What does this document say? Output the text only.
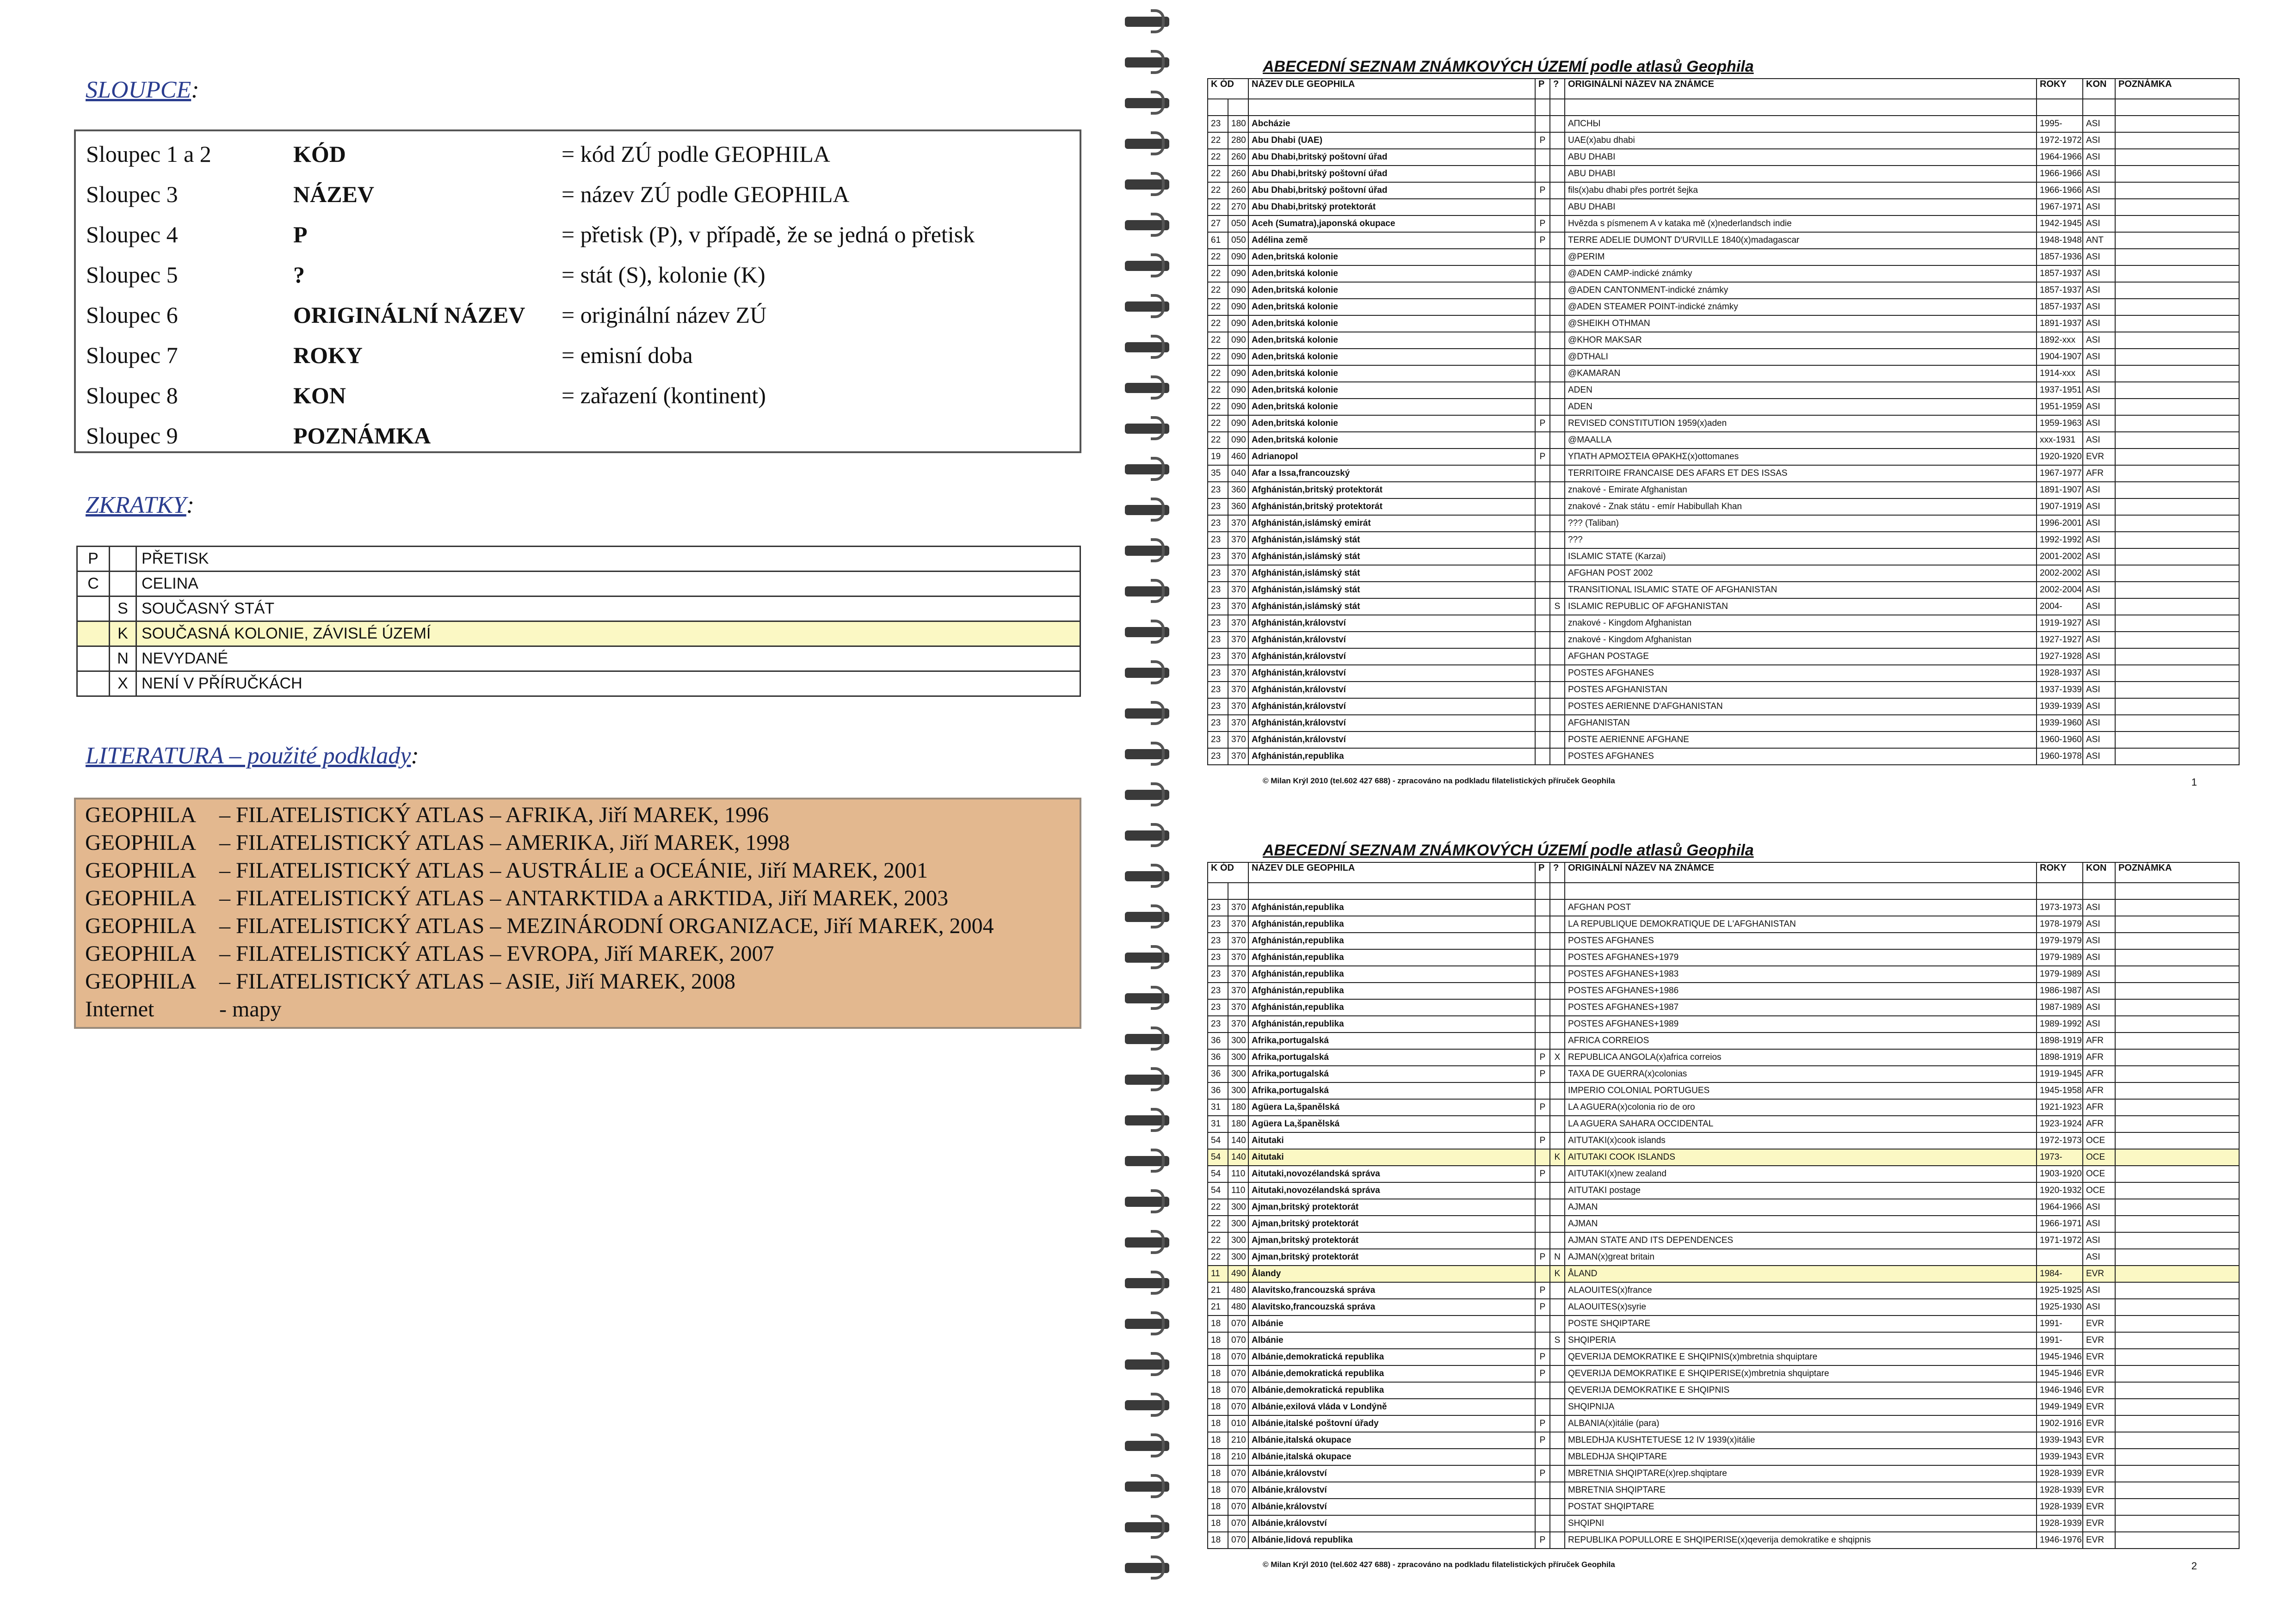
SLOUPCE:
Sloupec 1 a 2	KÓD	= kód ZÚ podle GEOPHILA
Sloupec 3	NÁZEV	= název ZÚ podle GEOPHILA
Sloupec 4	P	= přetisk (P), v případě, že se jedná o přetisk
Sloupec 5	?	= stát (S), kolonie (K)
Sloupec 6	ORIGINÁLNÍ NÁZEV = originální název ZÚ
Sloupec 7	ROKY	= emisní doba
Sloupec 8	KON	= zařazení (kontinent)
Sloupec 9	POZNÁMKA
ZKRATKY:
P		PŘETISK
C		CELINA
	S	SOUČASNÝ STÁT
	K	SOUČASNÁ KOLONIE, ZÁVISLÉ ÚZEMÍ
	N	NEVYDANÉ
	X	NENÍ V PŘÍRUČKÁCH
LITERATURA – použité podklady:
GEOPHILA – FILATELISTICKÝ ATLAS – AFRIKA, Jiří MAREK, 1996
GEOPHILA – FILATELISTICKÝ ATLAS – AMERIKA, Jiří MAREK, 1998
GEOPHILA – FILATELISTICKÝ ATLAS – AUSTRÁLIE a OCEÁNIE, Jiří MAREK, 2001
GEOPHILA – FILATELISTICKÝ ATLAS – ANTARKTIDA a ARKTIDA, Jiří MAREK, 2003
GEOPHILA – FILATELISTICKÝ ATLAS – MEZINÁRODNÍ ORGANIZACE, Jiří MAREK, 2004
GEOPHILA – FILATELISTICKÝ ATLAS – EVROPA, Jiří MAREK, 2007
GEOPHILA – FILATELISTICKÝ ATLAS – ASIE, Jiří MAREK, 2008
Internet	- mapy
ABECEDNÍ SEZNAM ZNÁMKOVÝCH ÚZEMÍ podle atlasů Geophila
K ÓD		NÁZEV DLE GEOPHILA	P	?	ORIGINÁLNÍ NÁZEV NA ZNÁMCE	ROKY	KON	POZNÁMKA

23	180	Abcházie			АПСНЫ	1995-	ASI	
22	280	Abu Dhabi (UAE)	P		UAE(x)abu dhabi	1972-1972	ASI	
22	260	Abu Dhabi,britský poštovní úřad			ABU DHABI	1964-1966	ASI	
22	260	Abu Dhabi,britský poštovní úřad			ABU DHABI	1966-1966	ASI	
22	260	Abu Dhabi,britský poštovní úřad	P		fils(x)abu dhabi přes portrét šejka	1966-1966	ASI	
22	270	Abu Dhabi,britský protektorát			ABU DHABI	1967-1971	ASI	
27	050	Aceh (Sumatra),japonská okupace	P		Hvězda s písmenem A v kataka mě (x)nederlandsch indie	1942-1945	ASI	
61	050	Adélina země	P		TERRE ADELIE DUMONT D'URVILLE 1840(x)madagascar	1948-1948	ANT	
22	090	Aden,britská kolonie			@PERIM	1857-1936	ASI	
22	090	Aden,britská kolonie			@ADEN CAMP-indické známky	1857-1937	ASI	
22	090	Aden,britská kolonie			@ADEN CANTONMENT-indické známky	1857-1937	ASI	
22	090	Aden,britská kolonie			@ADEN STEAMER POINT-indické známky	1857-1937	ASI	
22	090	Aden,britská kolonie			@SHEIKH OTHMAN	1891-1937	ASI	
22	090	Aden,britská kolonie			@KHOR MAKSAR	1892-xxx	ASI	
22	090	Aden,britská kolonie			@DTHALI	1904-1907	ASI	
22	090	Aden,britská kolonie			@KAMARAN	1914-xxx	ASI	
22	090	Aden,britská kolonie			ADEN	1937-1951	ASI	
22	090	Aden,britská kolonie			ADEN	1951-1959	ASI	
22	090	Aden,britská kolonie	P		REVISED CONSTITUTION 1959(x)aden	1959-1963	ASI	
22	090	Aden,britská kolonie			@MAALLA	xxx-1931	ASI	
19	460	Adrianopol	P		ΥΠΑΤΗ ΑΡΜΟΣΤΕΙΑ ΘΡΑΚΗΣ(x)ottomanes	1920-1920	EVR	
35	040	Afar a Issa,francouzský			TERRITOIRE FRANCAISE DES AFARS ET DES ISSAS	1967-1977	AFR	
23	360	Afghánistán,britský protektorát			znakové - Emirate Afghanistan	1891-1907	ASI	
23	360	Afghánistán,britský protektorát			znakové - Znak státu - emír Habibullah Khan	1907-1919	ASI	
23	370	Afghánistán,islámský emirát			??? (Taliban)	1996-2001	ASI	
23	370	Afghánistán,islámský stát			???	1992-1992	ASI	
23	370	Afghánistán,islámský stát			ISLAMIC STATE (Karzai)	2001-2002	ASI	
23	370	Afghánistán,islámský stát			AFGHAN POST 2002	2002-2002	ASI	
23	370	Afghánistán,islámský stát			TRANSITIONAL ISLAMIC STATE OF AFGHANISTAN	2002-2004	ASI	
23	370	Afghánistán,islámský stát		S	ISLAMIC REPUBLIC OF AFGHANISTAN	2004-	ASI	
23	370	Afghánistán,království			znakové - Kingdom Afghanistan	1919-1927	ASI	
23	370	Afghánistán,království			znakové - Kingdom Afghanistan	1927-1927	ASI	
23	370	Afghánistán,království			AFGHAN POSTAGE	1927-1928	ASI	
23	370	Afghánistán,království			POSTES AFGHANES	1928-1937	ASI	
23	370	Afghánistán,království			POSTES AFGHANISTAN	1937-1939	ASI	
23	370	Afghánistán,království			POSTES AERIENNE D'AFGHANISTAN	1939-1939	ASI	
23	370	Afghánistán,království			AFGHANISTAN	1939-1960	ASI	
23	370	Afghánistán,království			POSTE AERIENNE AFGHANE	1960-1960	ASI	
23	370	Afghánistán,republika			POSTES AFGHANES	1960-1978	ASI	
© Milan Krýl 2010 (tel.602 427 688) - zpracováno na podkladu filatelistických příruček Geophila	1
ABECEDNÍ SEZNAM ZNÁMKOVÝCH ÚZEMÍ podle atlasů Geophila
K ÓD		NÁZEV DLE GEOPHILA	P	?	ORIGINÁLNÍ NÁZEV NA ZNÁMCE	ROKY	KON	POZNÁMKA

23	370	Afghánistán,republika			AFGHAN POST	1973-1973	ASI	
23	370	Afghánistán,republika			LA REPUBLIQUE DEMOKRATIQUE DE L'AFGHANISTAN	1978-1979	ASI	
23	370	Afghánistán,republika			POSTES AFGHANES	1979-1979	ASI	
23	370	Afghánistán,republika			POSTES AFGHANES+1979	1979-1989	ASI	
23	370	Afghánistán,republika			POSTES AFGHANES+1983	1979-1989	ASI	
23	370	Afghánistán,republika			POSTES AFGHANES+1986	1986-1987	ASI	
23	370	Afghánistán,republika			POSTES AFGHANES+1987	1987-1989	ASI	
23	370	Afghánistán,republika			POSTES AFGHANES+1989	1989-1992	ASI	
36	300	Afrika,portugalská			AFRICA CORREIOS	1898-1919	AFR	
36	300	Afrika,portugalská	P	X	REPUBLICA ANGOLA(x)africa correios	1898-1919	AFR	
36	300	Afrika,portugalská	P		TAXA DE GUERRA(x)colonias	1919-1945	AFR	
36	300	Afrika,portugalská			IMPERIO COLONIAL PORTUGUES	1945-1958	AFR	
31	180	Agüera La,španělská	P		LA AGUERA(x)colonia rio de oro	1921-1923	AFR	
31	180	Agüera La,španělská			LA AGUERA SAHARA OCCIDENTAL	1923-1924	AFR	
54	140	Aitutaki	P		AITUTAKI(x)cook islands	1972-1973	OCE	
54	140	Aitutaki		K	AITUTAKI COOK ISLANDS	1973-	OCE	
54	110	Aitutaki,novozélandská správa	P		AITUTAKI(x)new zealand	1903-1920	OCE	
54	110	Aitutaki,novozélandská správa			AITUTAKI postage	1920-1932	OCE	
22	300	Ajman,britský protektorát			AJMAN	1964-1966	ASI	
22	300	Ajman,britský protektorát			AJMAN	1966-1971	ASI	
22	300	Ajman,britský protektorát			AJMAN STATE AND ITS DEPENDENCES	1971-1972	ASI	
22	300	Ajman,britský protektorát	P	N	AJMAN(x)great britain		ASI	
11	490	Ålandy		K	ÅLAND	1984-	EVR	
21	480	Alavitsko,francouzská správa	P		ALAOUITES(x)france	1925-1925	ASI	
21	480	Alavitsko,francouzská správa	P		ALAOUITES(x)syrie	1925-1930	ASI	
18	070	Albánie			POSTE SHQIPTARE	1991-	EVR	
18	070	Albánie		S	SHQIPERIA	1991-	EVR	
18	070	Albánie,demokratická republika	P		QEVERIJA DEMOKRATIKE E SHQIPNIS(x)mbretnia shquiptare	1945-1946	EVR	
18	070	Albánie,demokratická republika	P		QEVERIJA DEMOKRATIKE E SHQIPERISE(x)mbretnia shquiptare	1945-1946	EVR	
18	070	Albánie,demokratická republika			QEVERIJA DEMOKRATIKE E SHQIPNIS	1946-1946	EVR	
18	070	Albánie,exilová vláda v Londýně			SHQIPNIJA	1949-1949	EVR	
18	010	Albánie,italské poštovní úřady	P		ALBANIA(x)itálie (para)	1902-1916	EVR	
18	210	Albánie,italská okupace	P		MBLEDHJA KUSHTETUESE 12 IV 1939(x)itálie	1939-1943	EVR	
18	210	Albánie,italská okupace			MBLEDHJA SHQIPTARE	1939-1943	EVR	
18	070	Albánie,království	P		MBRETNIA SHQIPTARE(x)rep.shqiptare	1928-1939	EVR	
18	070	Albánie,království			MBRETNIA SHQIPTARE	1928-1939	EVR	
18	070	Albánie,království			POSTAT SHQIPTARE	1928-1939	EVR	
18	070	Albánie,království			SHQIPNI	1928-1939	EVR	
18	070	Albánie,lidová republika	P		REPUBLIKA POPULLORE E SHQIPERISE(x)qeverija demokratike e shqipnis	1946-1976	EVR	
© Milan Krýl 2010 (tel.602 427 688) - zpracováno na podkladu filatelistických příruček Geophila	2
